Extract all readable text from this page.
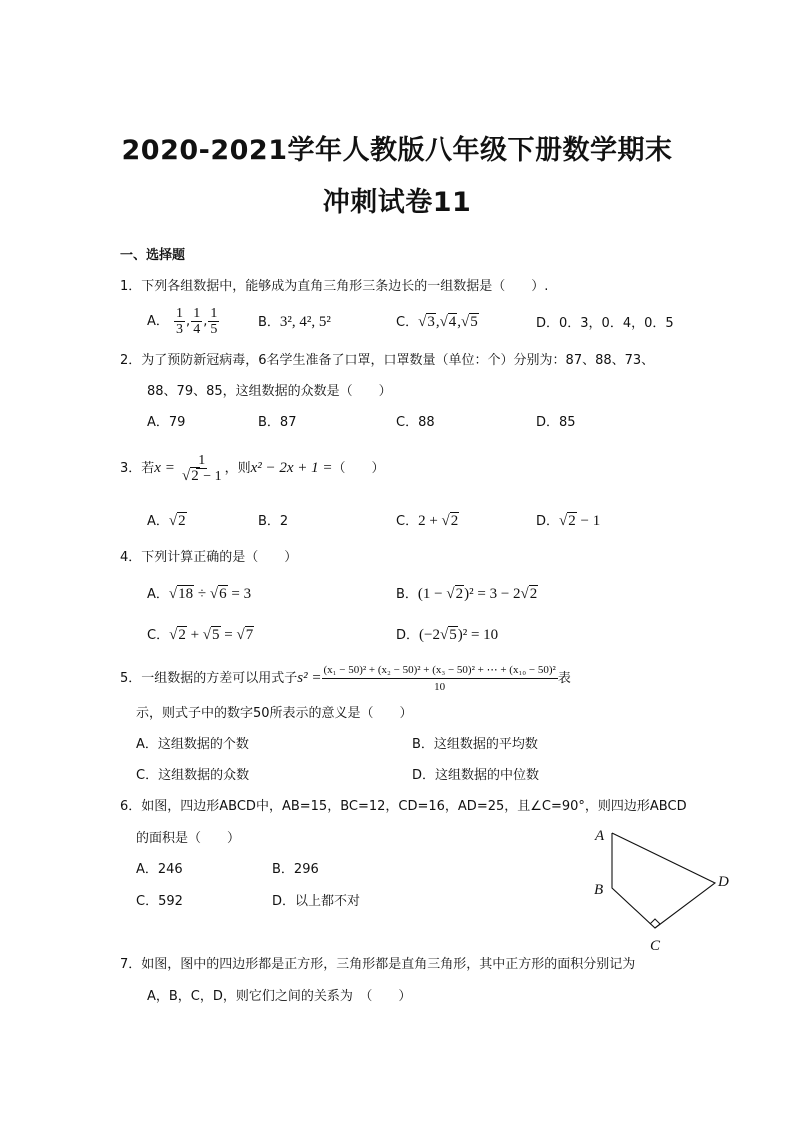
2020-2021学年人教版八年级下册数学期末
冲刺试卷11
一、选择题
1．下列各组数据中，能够成为直角三角形三条边长的一组数据是（　　）.
A． $\frac{1}{3}$ , $\frac{1}{4}$ , $\frac{1}{5}$	B．3², 4², 5²	C．√3,√4,√5	D．0．3，0．4，0．5
2．为了预防新冠病毒，6名学生准备了口罩，口罩数量（单位：个）分别为：87、88、73、
88、79、85，这组数据的众数是（　　）
A．79	B．87	C．88	D．85
3．若$x = \frac{1}{√2 - 1}$ ，则x² − 2x + 1 =（　　）
A．√2	B．2	C．2 + √2	D．√2 − 1
4．下列计算正确的是（　　）
A．√18 ÷ √6 = 3	B．(1 − √2)² = 3 − 2√2
C．√2 + √5 = √7	D．(−2√5)² = 10
5．一组数据的方差可以用式子$s^2 = \frac{\text{(x₁ − 50)² + (x₂ − 50)² + (x₃ − 50)² + ⋯ + (x₁₀ − 50)²}}{10}$ 表
示，则式子中的数字50所表示的意义是（　　）
A．这组数据的个数	B．这组数据的平均数
C．这组数据的众数	D．这组数据的中位数
6．如图，四边形ABCD中，AB=15，BC=12，CD=16，AD=25，且∠C=90°，则四边形ABCD
的面积是（　　）
A．246	B．296
C．592	D．以上都不对
A
B
C
D
7．如图，图中的四边形都是正方形，三角形都是直角三角形，其中正方形的面积分别记为
A，B，C，D，则它们之间的关系为　（　　）
